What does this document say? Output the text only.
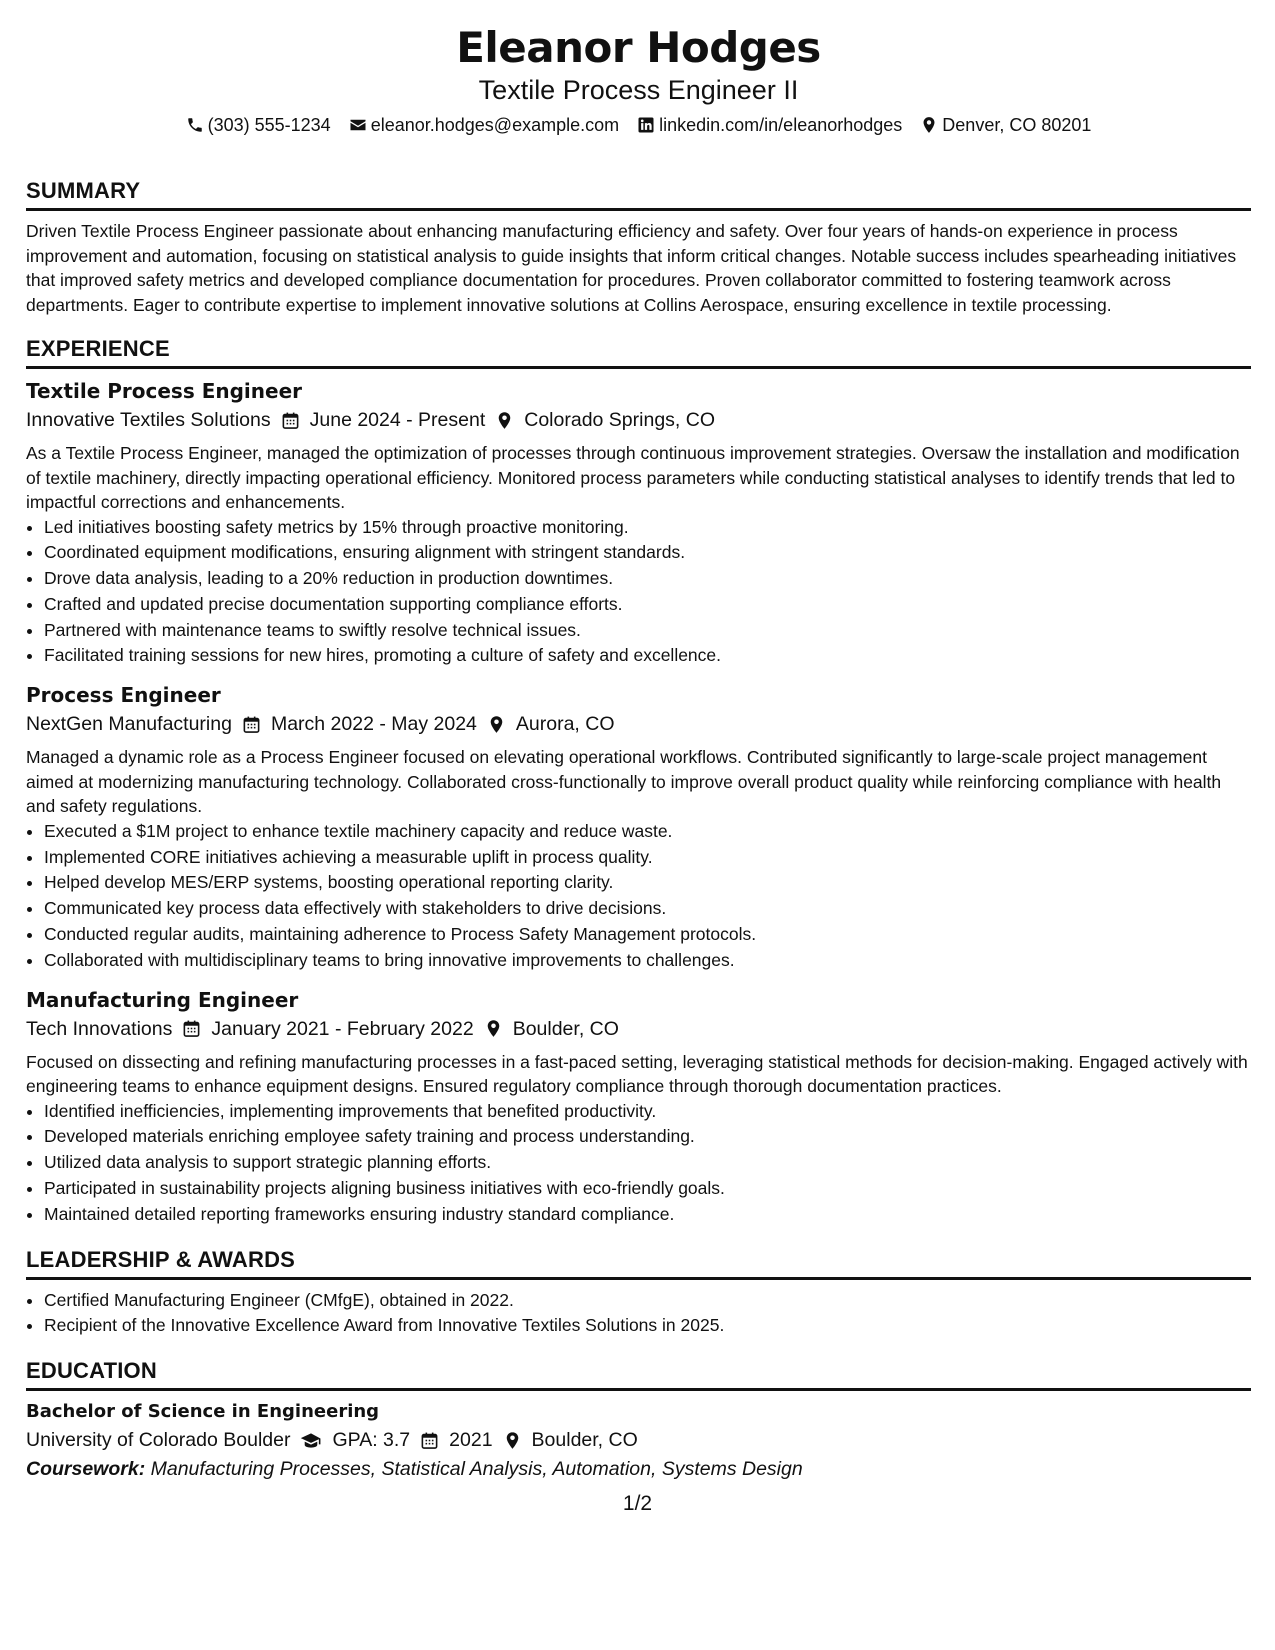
Eleanor Hodges
Textile Process Engineer II
(303) 555-1234 eleanor.hodges@example.com linkedin.com/in/eleanorhodges Denver, CO 80201
SUMMARY

Driven Textile Process Engineer passionate about enhancing manufacturing efficiency and safety. Over four years of hands-on experience in process improvement and automation, focusing on statistical analysis to guide insights that inform critical changes. Notable success includes spearheading initiatives that improved safety metrics and developed compliance documentation for procedures. Proven collaborator committed to fostering teamwork across departments. Eager to contribute expertise to implement innovative solutions at Collins Aerospace, ensuring excellence in textile processing.

EXPERIENCE
Textile Process Engineer
Innovative Textiles Solutions June 2024 - Present Colorado Springs, CO

As a Textile Process Engineer, managed the optimization of processes through continuous improvement strategies. Oversaw the installation and modification of textile machinery, directly impacting operational efficiency. Monitored process parameters while conducting statistical analyses to identify trends that led to impactful corrections and enhancements.

• Led initiatives boosting safety metrics by 15% through proactive monitoring.
• Coordinated equipment modifications, ensuring alignment with stringent standards.
• Drove data analysis, leading to a 20% reduction in production downtimes.
• Crafted and updated precise documentation supporting compliance efforts.
• Partnered with maintenance teams to swiftly resolve technical issues.
• Facilitated training sessions for new hires, promoting a culture of safety and excellence.
Process Engineer
NextGen Manufacturing March 2022 - May 2024 Aurora, CO

Managed a dynamic role as a Process Engineer focused on elevating operational workflows. Contributed significantly to large-scale project management aimed at modernizing manufacturing technology. Collaborated cross-functionally to improve overall product quality while reinforcing compliance with health and safety regulations.

• Executed a $1M project to enhance textile machinery capacity and reduce waste.
• Implemented CORE initiatives achieving a measurable uplift in process quality.
• Helped develop MES/ERP systems, boosting operational reporting clarity.
• Communicated key process data effectively with stakeholders to drive decisions.
• Conducted regular audits, maintaining adherence to Process Safety Management protocols.
• Collaborated with multidisciplinary teams to bring innovative improvements to challenges.
Manufacturing Engineer
Tech Innovations January 2021 - February 2022 Boulder, CO

Focused on dissecting and refining manufacturing processes in a fast-paced setting, leveraging statistical methods for decision-making. Engaged actively with engineering teams to enhance equipment designs. Ensured regulatory compliance through thorough documentation practices.

• Identified inefficiencies, implementing improvements that benefited productivity.
• Developed materials enriching employee safety training and process understanding.
• Utilized data analysis to support strategic planning efforts.
• Participated in sustainability projects aligning business initiatives with eco-friendly goals.
• Maintained detailed reporting frameworks ensuring industry standard compliance.
LEADERSHIP & AWARDS
• Certified Manufacturing Engineer (CMfgE), obtained in 2022.
• Recipient of the Innovative Excellence Award from Innovative Textiles Solutions in 2025.
EDUCATION
Bachelor of Science in Engineering
University of Colorado Boulder GPA: 3.7 2021 Boulder, CO
Coursework: Manufacturing Processes, Statistical Analysis, Automation, Systems Design
1/2
